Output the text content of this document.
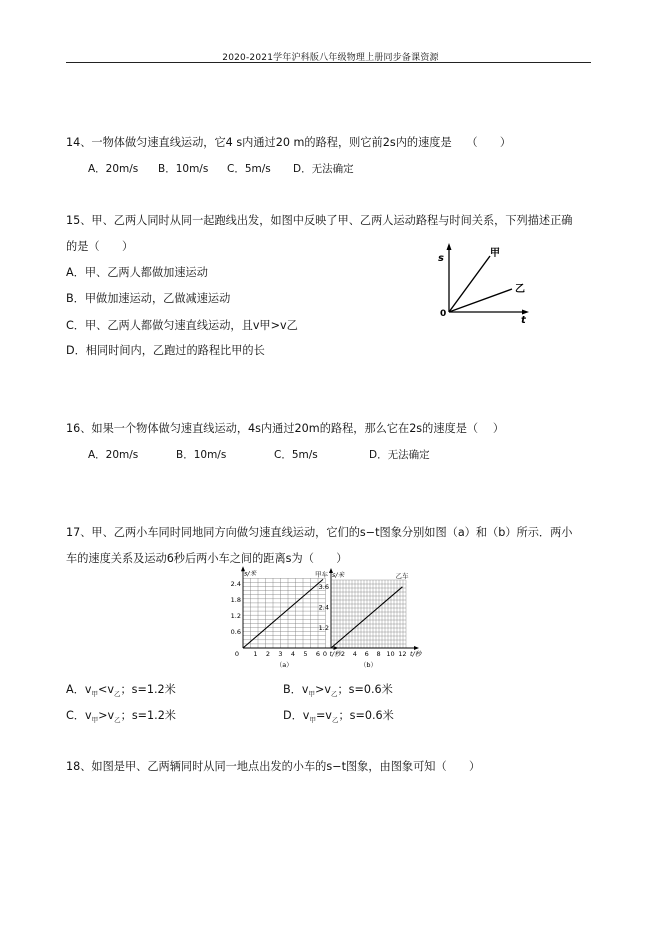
2020-2021学年沪科版八年级物理上册同步备课资源
14、一物体做匀速直线运动，它4 s内通过20 m的路程，则它前2s内的速度是　 （　　）
A．20m/s B．10m/s C．5m/s D．无法确定
15、甲、乙两人同时从同一起跑线出发，如图中反映了甲、乙两人运动路程与时间关系，下列描述正确
的是（　　）
A．甲、乙两人都做加速运动
B．甲做加速运动，乙做减速运动
C．甲、乙两人都做匀速直线运动，且v甲>v乙
D．相同时间内，乙跑过的路程比甲的长
s
t
0
甲
乙
16、如果一个物体做匀速直线运动，4s内通过20m的路程，那么它在2s的速度是（　 ）
A．20m/s	B．10m/s	C．5m/s	D．无法确定
17、甲、乙两小车同时同地同方向做匀速直线运动，它们的s−t图象分别如图（a）和（b）所示．两小
车的速度关系及运动6秒后两小车之间的距离s为（　　）
1 2 3 4 5 6
0.6
1.2
1.8
2.4
0	t/秒
s/米	甲车
（a）
2 4 6 8 10 12
1.2
2.4
3.6
0	t/秒
s/米	乙车
（b）
A．$v_甲<v_乙$；s=1.2米	B．$v_甲>v_乙$；s=0.6米
C．$v_甲>v_乙$；s=1.2米	D．$v_甲=v_乙$；s=0.6米
18、如图是甲、乙两辆同时从同一地点出发的小车的s−t图象，由图象可知（　　）
